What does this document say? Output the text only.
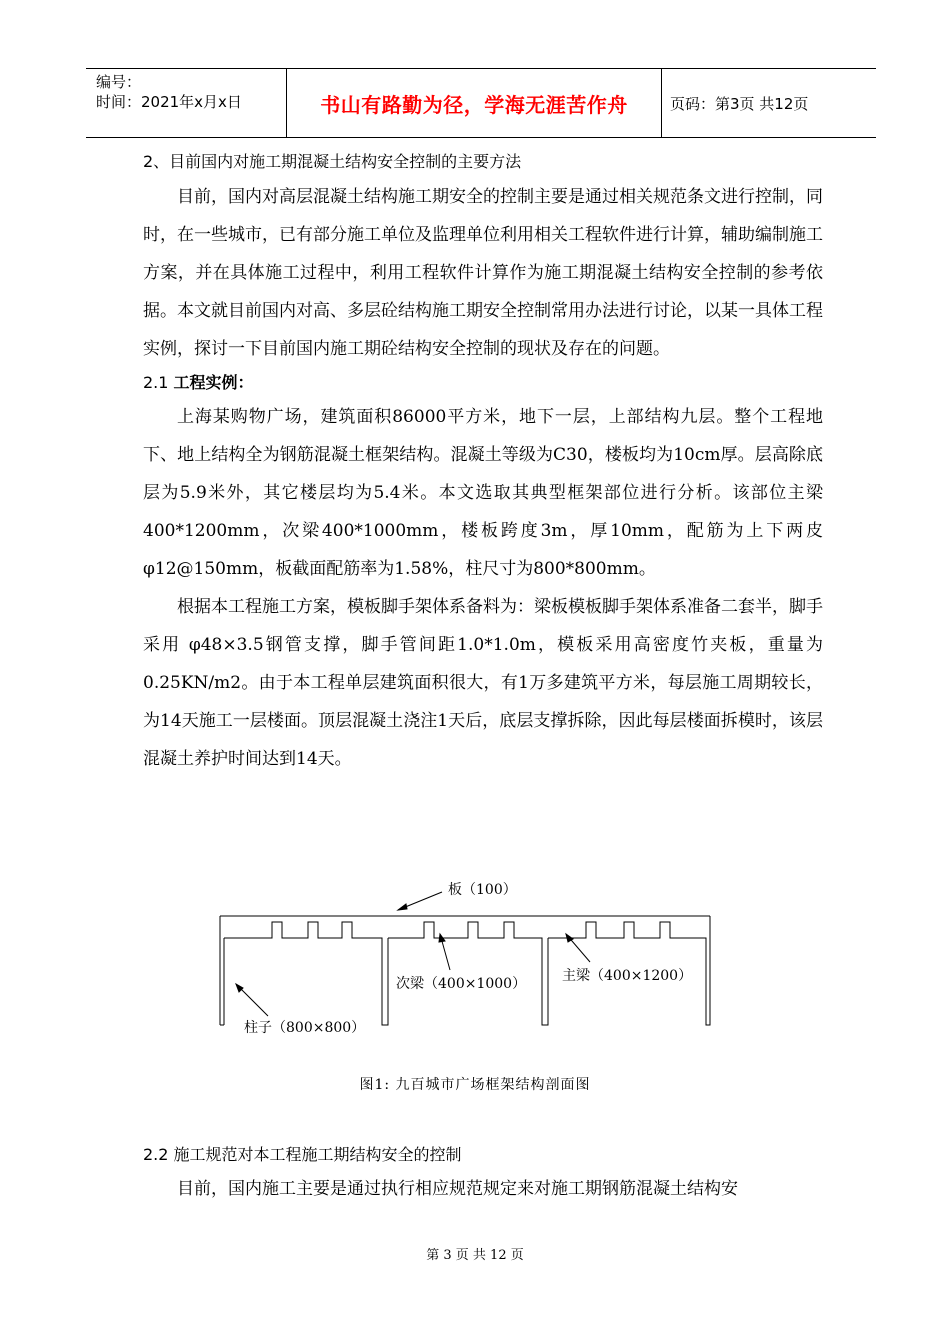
编号：
时间：2021年x月x日	书山有路勤为径，学海无涯苦作舟	页码：第3页 共12页
2、目前国内对施工期混凝土结构安全控制的主要方法

目前，国内对高层混凝土结构施工期安全的控制主要是通过相关规范条文进行控制，同时，在一些城市，已有部分施工单位及监理单位利用相关工程软件进行计算，辅助编制施工方案，并在具体施工过程中，利用工程软件计算作为施工期混凝土结构安全控制的参考依据。本文就目前国内对高、多层砼结构施工期安全控制常用办法进行讨论，以某一具体工程实例，探讨一下目前国内施工期砼结构安全控制的现状及存在的问题。

2.1 工程实例：

上海某购物广场，建筑面积86000平方米，地下一层，上部结构九层。整个工程地下、地上结构全为钢筋混凝土框架结构。混凝土等级为C30，楼板均为10cm厚。层高除底层为5.9米外，其它楼层均为5.4米。本文选取其典型框架部位进行分析。该部位主梁400*1200mm，次梁400*1000mm，楼板跨度3m，厚10mm，配筋为上下两皮 φ12@150mm，板截面配筋率为1.58%，柱尺寸为800*800mm。

根据本工程施工方案，模板脚手架体系备料为：梁板模板脚手架体系准备二套半，脚手采用 φ48×3.5钢管支撑，脚手管间距1.0*1.0m，模板采用高密度竹夹板，重量为0.25KN/m2。由于本工程单层建筑面积很大，有1万多建筑平方米，每层施工周期较长，为14天施工一层楼面。顶层混凝土浇注1天后，底层支撑拆除，因此每层楼面拆模时，该层混凝土养护时间达到14天。

板（100）
次梁（400×1000）	主梁（400×1200）
柱子（800×800）
图1: 九百城市广场框架结构剖面图
2.2 施工规范对本工程施工期结构安全的控制

目前，国内施工主要是通过执行相应规范规定来对施工期钢筋混凝土结构安

第 3 页 共 12 页
